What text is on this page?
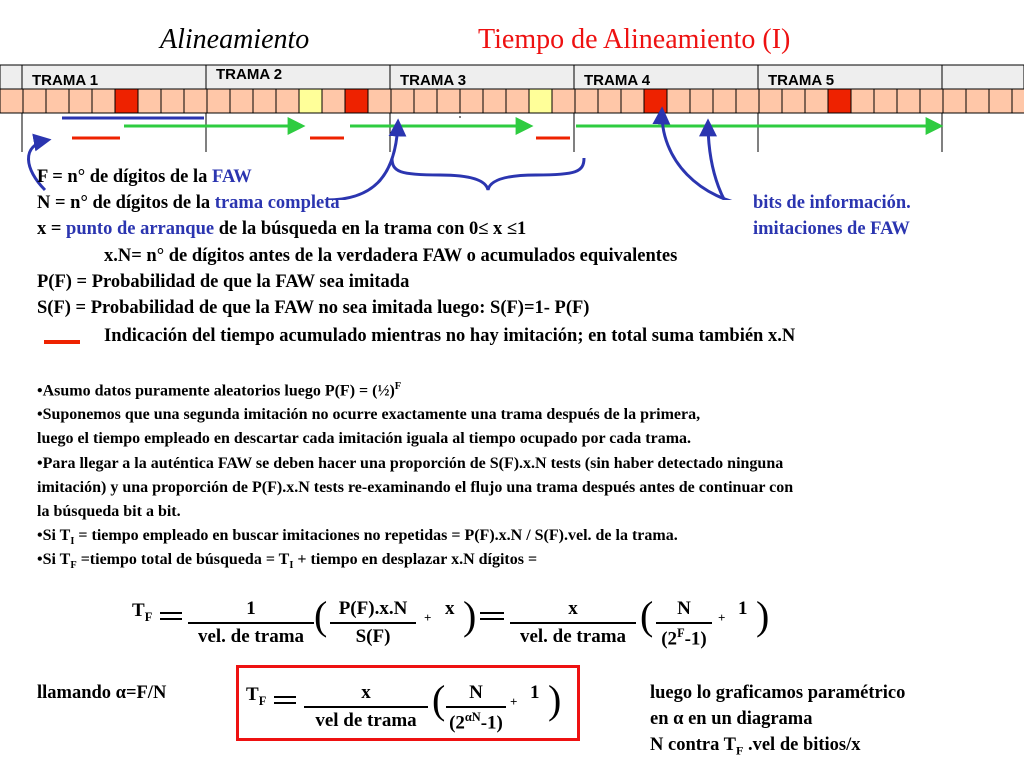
Alineamiento	Tiempo de Alineamiento (I)
TRAMA 1	TRAMA 2	TRAMA 3	TRAMA 4	TRAMA 5
bits de información.
imitaciones de FAW
F = n° de dígitos de la FAW
N = n° de dígitos de la trama completa
x = punto de arranque de la búsqueda en la trama con 0≤ x ≤1
x.N= n° de dígitos antes de la verdadera FAW o acumulados equivalentes
P(F) = Probabilidad de que la FAW sea imitada
S(F) = Probabilidad de que la FAW no sea imitada luego: S(F)=1- P(F)
Indicación del tiempo acumulado mientras no hay imitación; en total suma también x.N
•Asumo datos puramente aleatorios luego P(F) = (½)$^F$
•Suponemos que una segunda imitación no ocurre exactamente una trama después de la primera,
luego el tiempo empleado en descartar cada imitación iguala al tiempo ocupado por cada trama.
•Para llegar a la auténtica FAW se deben hacer una proporción de S(F).x.N tests (sin haber detectado ninguna
imitación) y una proporción de P(F).x.N tests re-examinando el flujo una trama después antes de continuar con
la búsqueda bit a bit.
•Si $T_I$ = tiempo empleado en buscar imitaciones no repetidas = P(F).x.N / S(F).vel. de la trama.
•Si $T_F$ =tiempo total de búsqueda = $T_I$ + tiempo en desplazar x.N dígitos =
$T_F$	1
vel. de trama ( P(F).x.N
S(F)
+ x )	x
vel. de trama (	N
$(2^F-1)$
+ 1 )
llamando α=F/N	$T_F$	x
vel de trama (	N
$(2^{\alpha N}-1)$
+ 1 )	luego lo graficamos paramétrico
en α en un diagrama
N contra $T_F$ .vel de bitios/x
